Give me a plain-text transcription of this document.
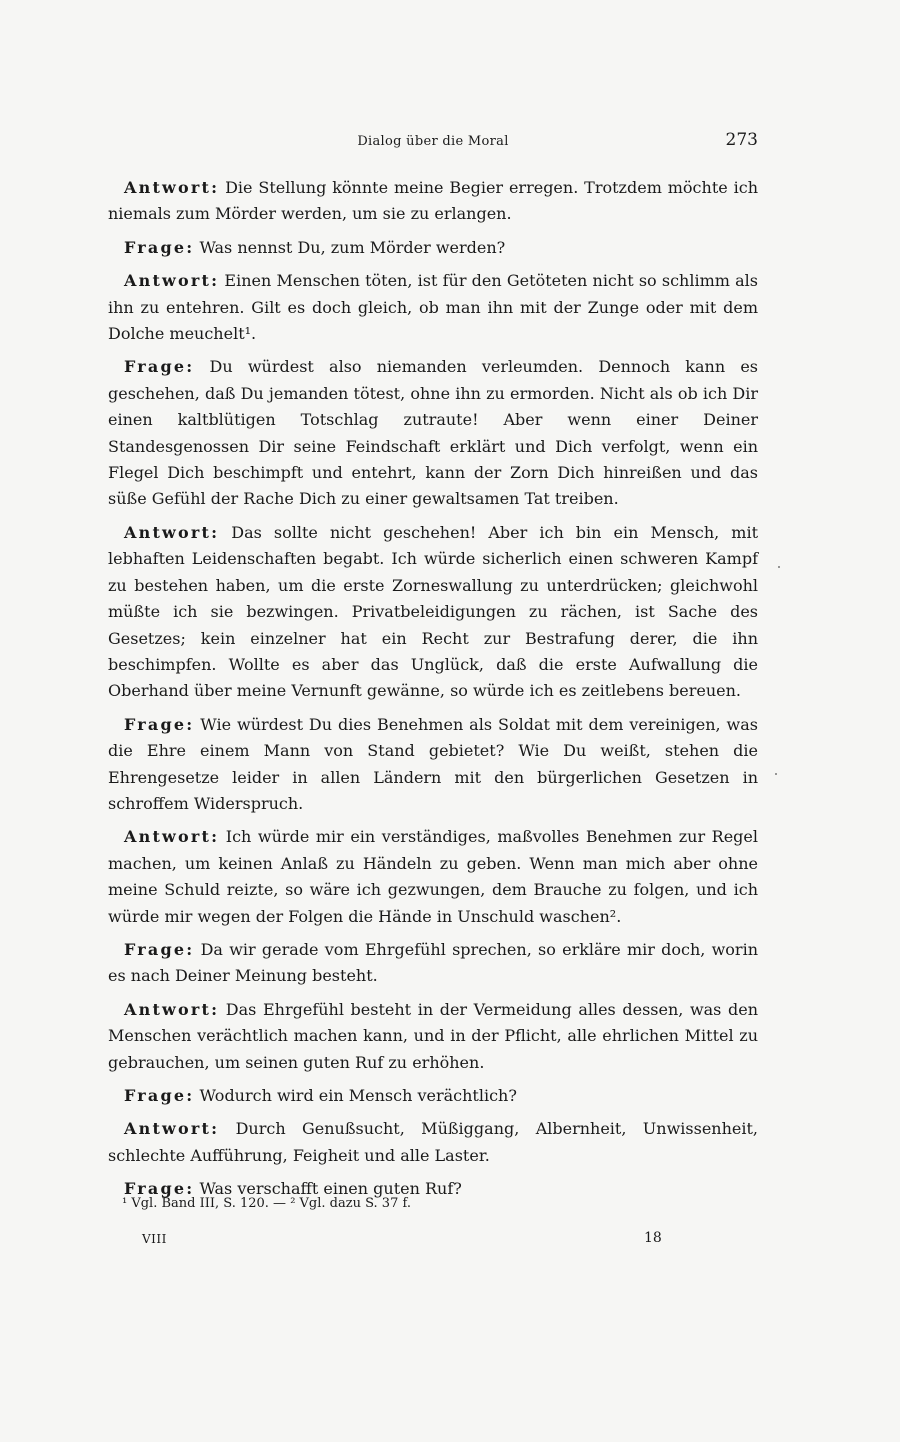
Dialog über die Moral	273

Antwort: Die Stellung könnte meine Begier erregen. Trotzdem möchte ich niemals zum Mörder werden, um sie zu erlangen.

Frage: Was nennst Du, zum Mörder werden?

Antwort: Einen Menschen töten, ist für den Getöteten nicht so schlimm als ihn zu entehren. Gilt es doch gleich, ob man ihn mit der Zunge oder mit dem Dolche meuchelt¹.

Frage: Du würdest also niemanden verleumden. Dennoch kann es geschehen, daß Du jemanden tötest, ohne ihn zu ermorden. Nicht als ob ich Dir einen kaltblütigen Totschlag zutraute! Aber wenn einer Deiner Standesgenossen Dir seine Feindschaft erklärt und Dich verfolgt, wenn ein Flegel Dich beschimpft und entehrt, kann der Zorn Dich hinreißen und das süße Gefühl der Rache Dich zu einer gewaltsamen Tat treiben.

Antwort: Das sollte nicht geschehen! Aber ich bin ein Mensch, mit lebhaften Leidenschaften begabt. Ich würde sicherlich einen schweren Kampf zu bestehen haben, um die erste Zorneswallung zu unterdrücken; gleichwohl müßte ich sie bezwingen. Privatbeleidigungen zu rächen, ist Sache des Gesetzes; kein einzelner hat ein Recht zur Bestrafung derer, die ihn beschimpfen. Wollte es aber das Unglück, daß die erste Aufwallung die Oberhand über meine Vernunft gewänne, so würde ich es zeitlebens bereuen.

Frage: Wie würdest Du dies Benehmen als Soldat mit dem vereinigen, was die Ehre einem Mann von Stand gebietet? Wie Du weißt, stehen die Ehrengesetze leider in allen Ländern mit den bürgerlichen Gesetzen in schroffem Widerspruch.

Antwort: Ich würde mir ein verständiges, maßvolles Benehmen zur Regel machen, um keinen Anlaß zu Händeln zu geben. Wenn man mich aber ohne meine Schuld reizte, so wäre ich gezwungen, dem Brauche zu folgen, und ich würde mir wegen der Folgen die Hände in Unschuld waschen².

Frage: Da wir gerade vom Ehrgefühl sprechen, so erkläre mir doch, worin es nach Deiner Meinung besteht.

Antwort: Das Ehrgefühl besteht in der Vermeidung alles dessen, was den Menschen verächtlich machen kann, und in der Pflicht, alle ehrlichen Mittel zu gebrauchen, um seinen guten Ruf zu erhöhen.

Frage: Wodurch wird ein Mensch verächtlich?

Antwort: Durch Genußsucht, Müßiggang, Albernheit, Unwissenheit, schlechte Aufführung, Feigheit und alle Laster.

Frage: Was verschafft einen guten Ruf?

¹ Vgl. Band III, S. 120. — ² Vgl. dazu S. 37 f.
VIII	18
